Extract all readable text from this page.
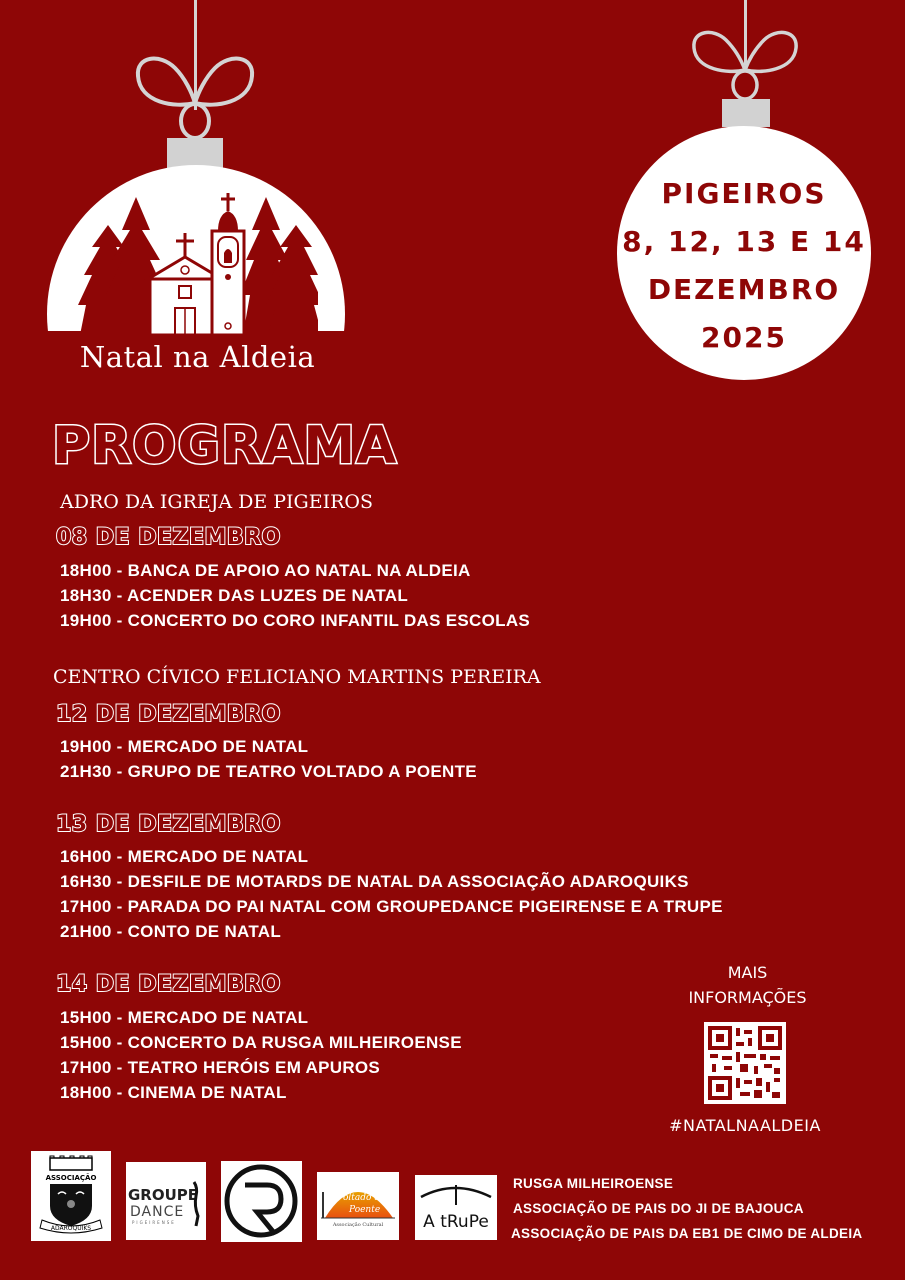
Natal na Aldeia
PIGEIROS
8, 12, 13 E 14
DEZEMBRO
2025
PROGRAMA
ADRO DA IGREJA DE PIGEIROS
08 DE DEZEMBRO
18H00 - BANCA DE APOIO AO NATAL NA ALDEIA
18H30 - ACENDER DAS LUZES DE NATAL
19H00 - CONCERTO DO CORO INFANTIL DAS ESCOLAS
CENTRO CÍVICO FELICIANO MARTINS PEREIRA
12 DE DEZEMBRO
19H00 - MERCADO DE NATAL
21H30 - GRUPO DE TEATRO VOLTADO A POENTE
13 DE DEZEMBRO
16H00 - MERCADO DE NATAL
16H30 - DESFILE DE MOTARDS DE NATAL DA ASSOCIAÇÃO ADAROQUIKS
17H00 - PARADA DO PAI NATAL COM GROUPEDANCE PIGEIRENSE E A TRUPE
21H00 - CONTO DE NATAL
14 DE DEZEMBRO
15H00 - MERCADO DE NATAL
15H00 - CONCERTO DA RUSGA MILHEIROENSE
17H00 - TEATRO HERÓIS EM APUROS
18H00 - CINEMA DE NATAL
MAIS
INFORMAÇÕES
#NATALNAALDEIA
ASSOCIAÇÃO
ADAROQUIKS
GROUPE
DANCE
PIGEIRENSE
oltado a
Poente
Associação Cultural A tRuPe
RUSGA MILHEIROENSE
ASSOCIAÇÃO DE PAIS DO JI DE BAJOUCA
ASSOCIAÇÃO DE PAIS DA EB1 DE CIMO DE ALDEIA
